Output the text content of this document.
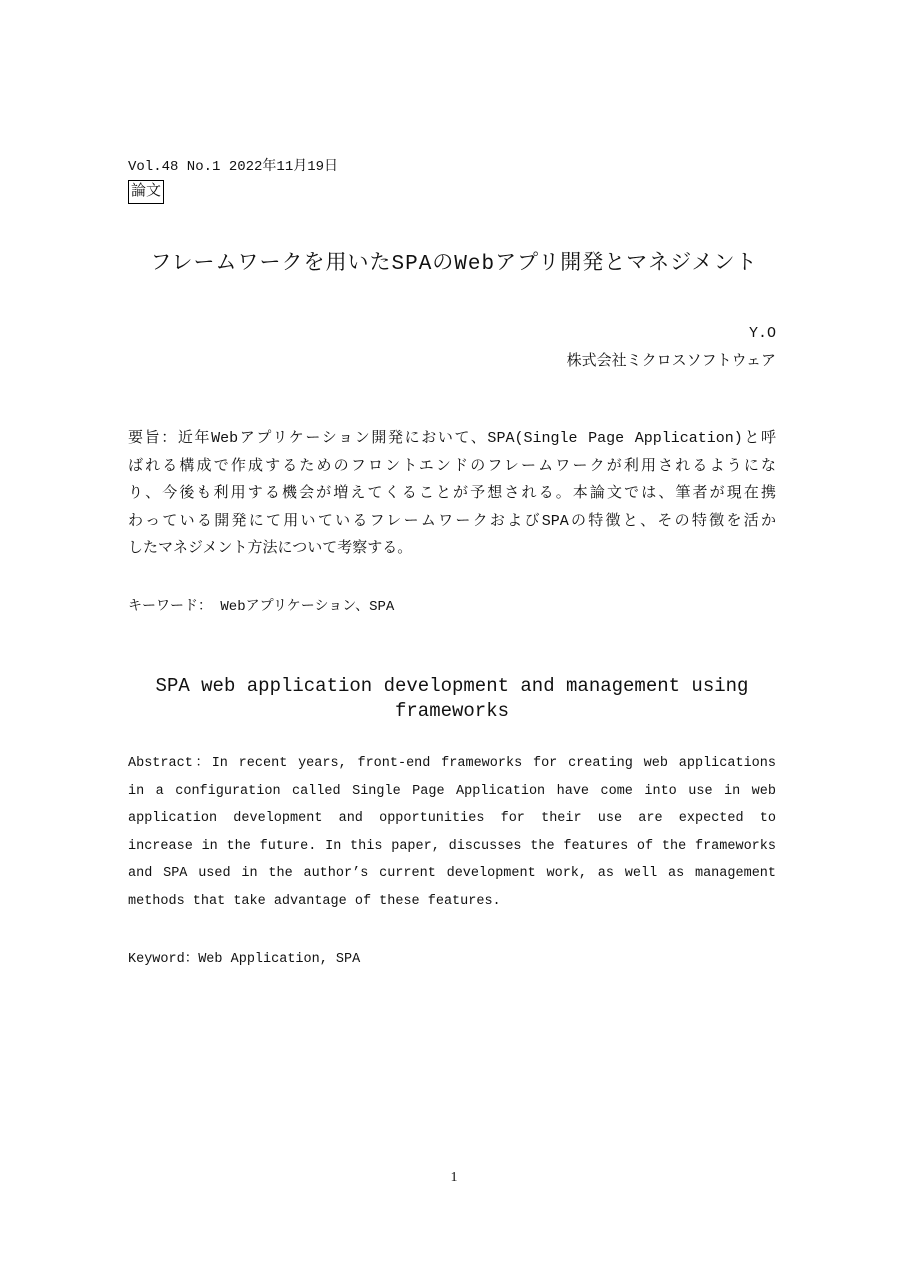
Vol.48 No.1 2022年11月19日
論文
フレームワークを用いたSPAのWebアプリ開発とマネジメント
Y.O
株式会社ミクロスソフトウェア
要旨：近年Webアプリケーション開発において、SPA(Single Page Application)と呼
ばれる構成で作成するためのフロントエンドのフレームワークが利用されるようにな
り、今後も利用する機会が増えてくることが予想される。本論文では、筆者が現在携
わっている開発にて用いているフレームワークおよびSPAの特徴と、その特徴を活か
したマネジメント方法について考察する。
キーワード： Webアプリケーション、SPA
SPA web application development and management using
frameworks
Abstract：In recent years, front-end frameworks for creating web applications
in a configuration called Single Page Application have come into use in web
application development and opportunities for their use are expected to
increase in the future. In this paper, discusses the features of the frameworks
and SPA used in the author’s current development work, as well as management
methods that take advantage of these features.
Keyword：Web Application, SPA
1
